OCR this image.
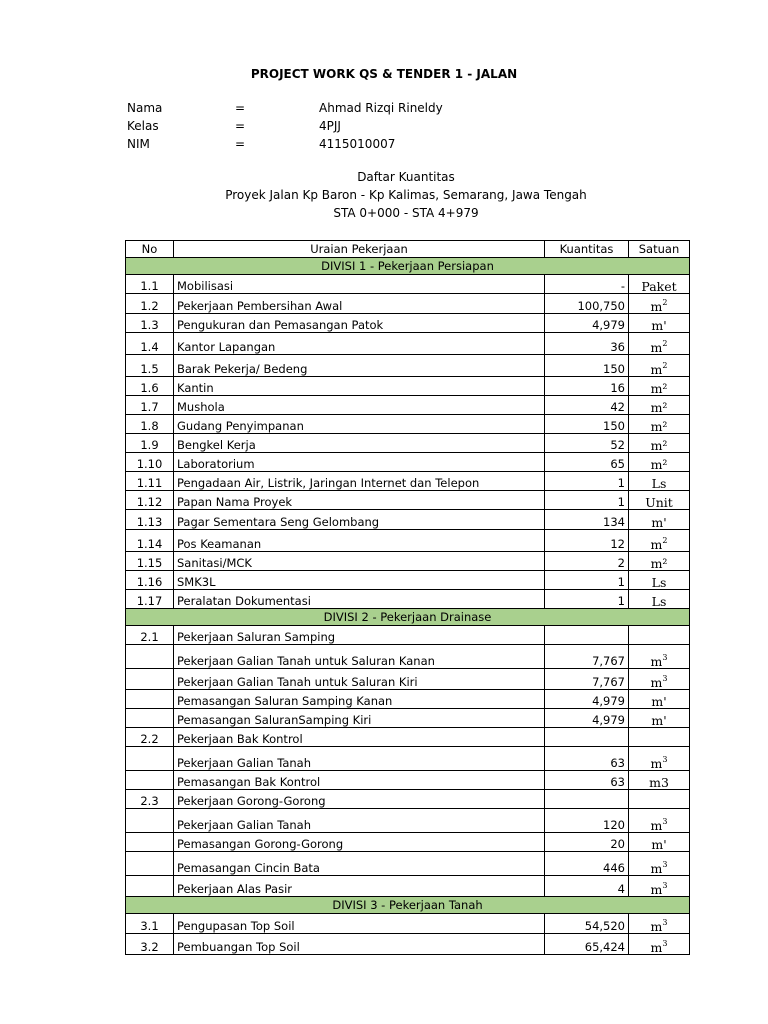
PROJECT WORK QS & TENDER 1 - JALAN
Nama	=	Ahmad Rizqi Rineldy
Kelas	=	4PJJ
NIM	=	4115010007
Daftar Kuantitas
Proyek Jalan Kp Baron - Kp Kalimas, Semarang, Jawa Tengah
STA 0+000 - STA 4+979
No	Uraian Pekerjaan	Kuantitas	Satuan
DIVISI 1 - Pekerjaan Persiapan			
1.1	Mobilisasi	-	Paket
1.2	Pekerjaan Pembersihan Awal	100,750	$m^2$
1.3	Pengukuran dan Pemasangan Patok	4,979	m'
1.4	Kantor Lapangan	36	$m^2$
1.5	Barak Pekerja/ Bedeng	150	$m^2$
1.6	Kantin	16	m²
1.7	Mushola	42	m²
1.8	Gudang Penyimpanan	150	m²
1.9	Bengkel Kerja	52	m²
1.10	Laboratorium	65	m²
1.11	Pengadaan Air, Listrik, Jaringan Internet dan Telepon	1	Ls
1.12	Papan Nama Proyek	1	Unit
1.13	Pagar Sementara Seng Gelombang	134	m'
1.14	Pos Keamanan	12	$m^2$
1.15	Sanitasi/MCK	2	m²
1.16	SMK3L	1	Ls
1.17	Peralatan Dokumentasi	1	Ls
DIVISI 2 - Pekerjaan Drainase			
2.1	Pekerjaan Saluran Samping		
	Pekerjaan Galian Tanah untuk Saluran Kanan	7,767	$m^3$
	Pekerjaan Galian Tanah untuk Saluran Kiri	7,767	$m^3$
	Pemasangan Saluran Samping Kanan	4,979	m'
	Pemasangan SaluranSamping Kiri	4,979	m'
2.2	Pekerjaan Bak Kontrol		
	Pekerjaan Galian Tanah	63	$m^3$
	Pemasangan Bak Kontrol	63	m3
2.3	Pekerjaan Gorong-Gorong		
	Pekerjaan Galian Tanah	120	$m^3$
	Pemasangan Gorong-Gorong	20	m'
	Pemasangan Cincin Bata	446	$m^3$
	Pekerjaan Alas Pasir	4	$m^3$
DIVISI 3 - Pekerjaan Tanah			
3.1	Pengupasan Top Soil	54,520	$m^3$
3.2	Pembuangan Top Soil	65,424	$m^3$
